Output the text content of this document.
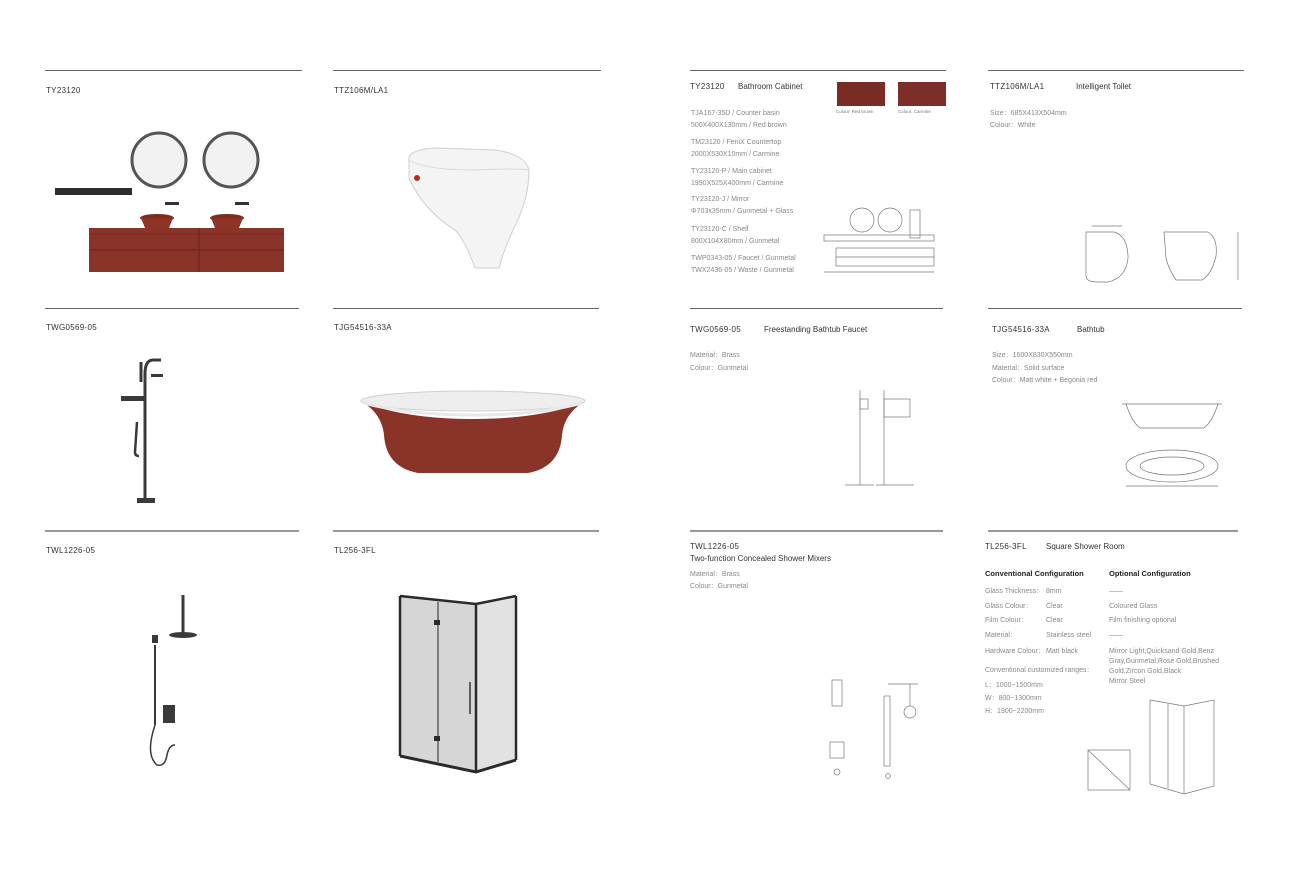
TY23120	TTZ106M/LA1
TWG0569-05	TJG54516-33A
TWL1226-05	TL256-3FL
TY23120 Bathroom Cabinet
Colour: Red brown	Colour: Carmine
TJA167-35D / Counter basin
500X400X130mm / Red brown
TM23120 / FeniX Countertop
2000X530X10mm / Carmine
TY23120-P / Main cabinet
1990X525X400mm / Carmine
TY23120-J / Mirror
Φ703x35mm / Gunmetal + Glass
TY23120-C / Shelf
800X104X80mm / Gunmetal
TWP0343-05 / Faucet / Gunmetal
TWX2436-05 / Waste / Gunmetal
TTZ106M/LA1	Intelligent Toilet
Size：685X413X504mm
Colour：White
TWG0569-05	Freestanding Bathtub Faucet
Material：Brass
Colour：Gunmetal
TJG54516-33A	Bathtub
Size：1600X830X550mm
Material：Solid surface
Colour：Matt white + Begonia red
TWL1226-05
Two-function Concealed Shower Mixers
Material：Brass
Colour：Gunmetal
TL256-3FL Square Shower Room
Conventional Configuration	Optional Configuration
Glass Thickness： 8mm	——
Glass Colour： Clear	Coloured Glass
Film Colour：	Clear	Film finishing optional
Material：	Stainless steel	——
Hardware Colour： Matt black	Mirror Light,Quicksand Gold,Benz
Gray,Gunmetal,Rose Gold,Brushed
Gold,Zircon Gold,Black
Mirror Steel
Conventional customized ranges：
L：1000~1500mm
W：800~1300mm
H：1900~2200mm
